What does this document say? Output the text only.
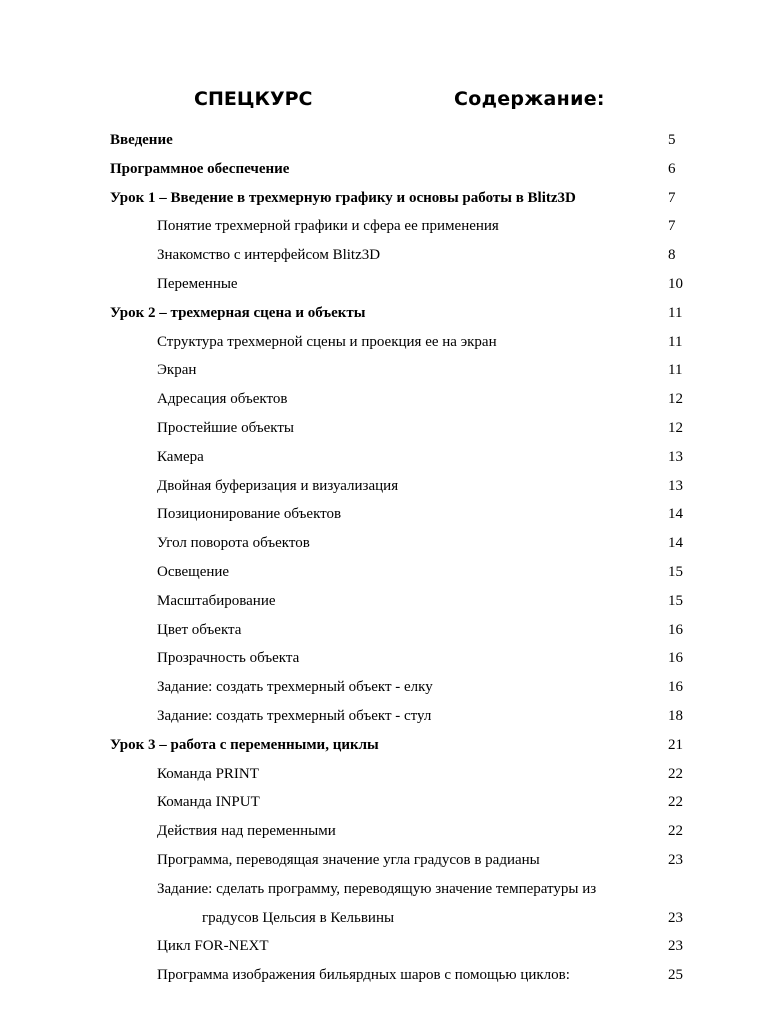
СПЕЦКУРС	Содержание:
Введение	5
Программное обеспечение	6
Урок 1 – Введение в трехмерную графику и основы работы в Blitz3D	7
Понятие трехмерной графики и сфера ее применения	7
Знакомство с интерфейсом Blitz3D	8
Переменные	10
Урок 2 – трехмерная сцена и объекты	11
Структура трехмерной сцены и проекция ее на экран	11
Экран	11
Адресация объектов	12
Простейшие объекты	12
Камера	13
Двойная буферизация и визуализация	13
Позиционирование объектов	14
Угол поворота объектов	14
Освещение	15
Масштабирование	15
Цвет объекта	16
Прозрачность объекта	16
Задание: создать трехмерный объект - елку	16
Задание: создать трехмерный объект - стул	18
Урок 3 – работа с переменными, циклы	21
Команда PRINT	22
Команда INPUT	22
Действия над переменными	22
Программа, переводящая значение угла градусов в радианы	23
Задание: сделать программу, переводящую значение температуры из
градусов Цельсия в Кельвины	23
Цикл FOR-NEXT	23
Программа изображения бильярдных шаров с помощью циклов:	25
